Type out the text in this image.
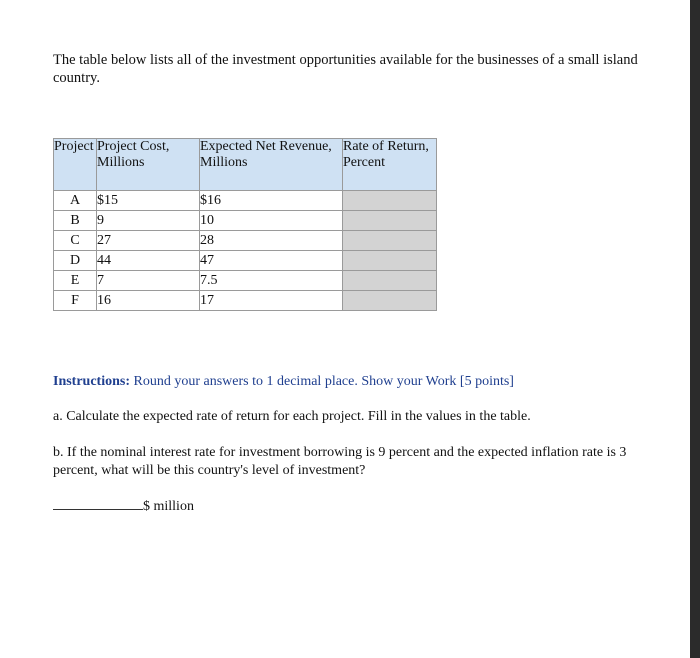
The table below lists all of the investment opportunities available for the businesses of a small island country.
Project	Project Cost, Millions	Expected Net Revenue, Millions	Rate of Return, Percent
A	$15	$16	
B	9	10	
C	27	28	
D	44	47	
E	7	7.5	
F	16	17	
Instructions: Round your answers to 1 decimal place. Show your Work [5 points]
a. Calculate the expected rate of return for each project. Fill in the values in the table.
b. If the nominal interest rate for investment borrowing is 9 percent and the expected inflation rate is 3 percent, what will be this country's level of investment?
$ million
